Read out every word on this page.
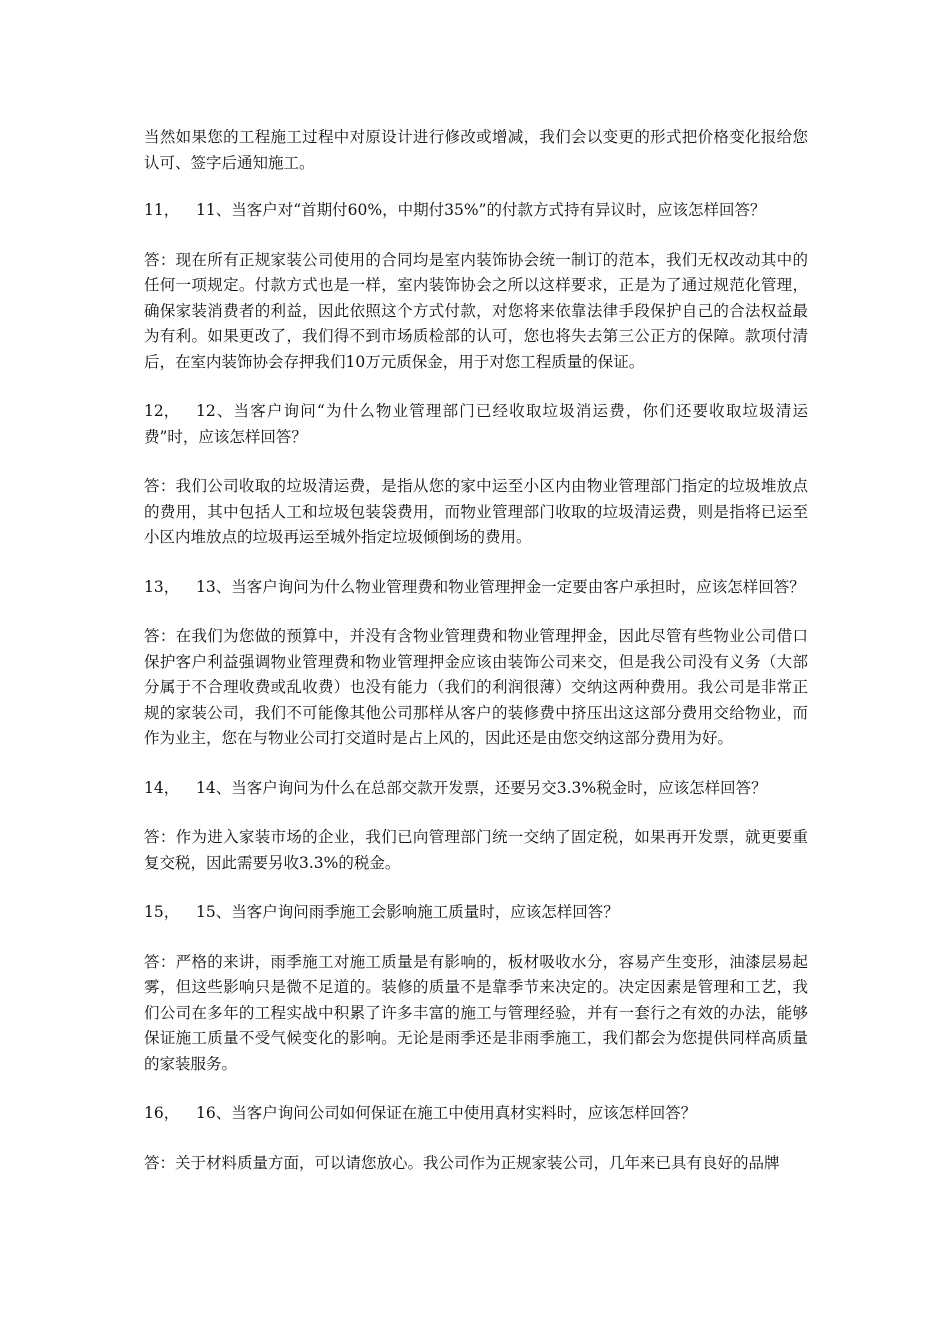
当然如果您的工程施工过程中对原设计进行修改或增减，我们会以变更的形式把价格变化报给您认可、签字后通知施工。

11， 11、当客户对“首期付60%，中期付35%”的付款方式持有异议时，应该怎样回答？

答：现在所有正规家装公司使用的合同均是室内装饰协会统一制订的范本，我们无权改动其中的任何一项规定。付款方式也是一样，室内装饰协会之所以这样要求，正是为了通过规范化管理，确保家装消费者的利益，因此依照这个方式付款，对您将来依靠法律手段保护自己的合法权益最为有利。如果更改了，我们得不到市场质检部的认可，您也将失去第三公正方的保障。款项付清后，在室内装饰协会存押我们10万元质保金，用于对您工程质量的保证。

12， 12、当客户询问“为什么物业管理部门已经收取垃圾消运费，你们还要收取垃圾清运费”时，应该怎样回答？

答：我们公司收取的垃圾清运费，是指从您的家中运至小区内由物业管理部门指定的垃圾堆放点的费用，其中包括人工和垃圾包装袋费用，而物业管理部门收取的垃圾清运费，则是指将已运至小区内堆放点的垃圾再运至城外指定垃圾倾倒场的费用。

13， 13、当客户询问为什么物业管理费和物业管理押金一定要由客户承担时，应该怎样回答？

答：在我们为您做的预算中，并没有含物业管理费和物业管理押金，因此尽管有些物业公司借口保护客户利益强调物业管理费和物业管理押金应该由装饰公司来交，但是我公司没有义务（大部分属于不合理收费或乱收费）也没有能力（我们的利润很薄）交纳这两种费用。我公司是非常正规的家装公司，我们不可能像其他公司那样从客户的装修费中挤压出这这部分费用交给物业，而作为业主，您在与物业公司打交道时是占上风的，因此还是由您交纳这部分费用为好。

14， 14、当客户询问为什么在总部交款开发票，还要另交3.3%税金时，应该怎样回答？

答：作为进入家装市场的企业，我们已向管理部门统一交纳了固定税，如果再开发票，就更要重复交税，因此需要另收3.3%的税金。

15， 15、当客户询问雨季施工会影响施工质量时，应该怎样回答？

答：严格的来讲，雨季施工对施工质量是有影响的，板材吸收水分，容易产生变形，油漆层易起雾，但这些影响只是微不足道的。装修的质量不是靠季节来决定的。决定因素是管理和工艺，我们公司在多年的工程实战中积累了许多丰富的施工与管理经验，并有一套行之有效的办法，能够保证施工质量不受气候变化的影响。无论是雨季还是非雨季施工，我们都会为您提供同样高质量的家装服务。

16， 16、当客户询问公司如何保证在施工中使用真材实料时，应该怎样回答？

答：关于材料质量方面，可以请您放心。我公司作为正规家装公司，几年来已具有良好的品牌
